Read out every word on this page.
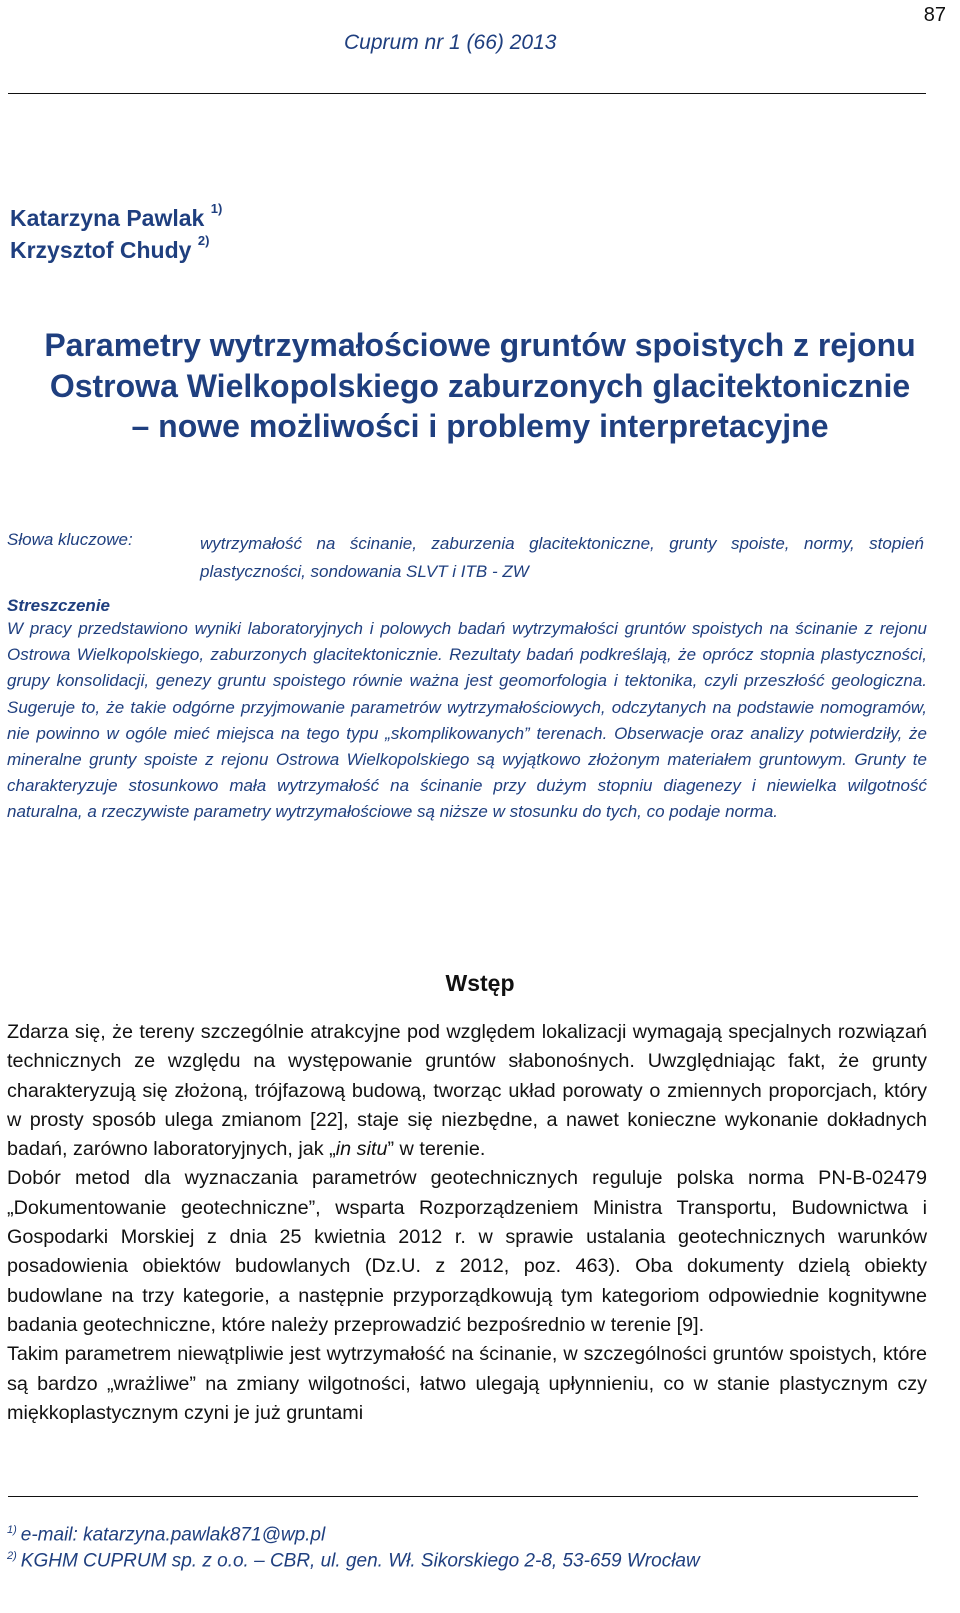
87
Cuprum nr 1 (66) 2013
Katarzyna Pawlak $^{1)}$
Krzysztof Chudy $^{2)}$
Parametry wytrzymałościowe gruntów spoistych z rejonu Ostrowa Wielkopolskiego zaburzonych glacitektonicznie – nowe możliwości i problemy interpretacyjne
Słowa kluczowe:	wytrzymałość na ścinanie, zaburzenia glacitektoniczne, grunty spoiste, normy, stopień plastyczności, sondowania SLVT i ITB - ZW
Streszczenie
W pracy przedstawiono wyniki laboratoryjnych i polowych badań wytrzymałości gruntów spoistych na ścinanie z rejonu Ostrowa Wielkopolskiego, zaburzonych glacitektonicznie. Rezultaty badań podkreślają, że oprócz stopnia plastyczności, grupy konsolidacji, genezy gruntu spoistego równie ważna jest geomorfologia i tektonika, czyli przeszłość geologiczna. Sugeruje to, że takie odgórne przyjmowanie parametrów wytrzymałościowych, odczytanych na podstawie nomogramów, nie powinno w ogóle mieć miejsca na tego typu „skomplikowanych” terenach. Obserwacje oraz analizy potwierdziły, że mineralne grunty spoiste z rejonu Ostrowa Wielkopolskiego są wyjątkowo złożonym materiałem gruntowym. Grunty te charakteryzuje stosunkowo mała wytrzymałość na ścinanie przy dużym stopniu diagenezy i niewielka wilgotność naturalna, a rzeczywiste parametry wytrzymałościowe są niższe w stosunku do tych, co podaje norma.
Wstęp

Zdarza się, że tereny szczególnie atrakcyjne pod względem lokalizacji wymagają specjalnych rozwiązań technicznych ze względu na występowanie gruntów słabonośnych. Uwzględniając fakt, że grunty charakteryzują się złożoną, trójfazową budową, tworząc układ porowaty o zmiennych proporcjach, który w prosty sposób ulega zmianom [22], staje się niezbędne, a nawet konieczne wykonanie dokładnych badań, zarówno laboratoryjnych, jak „in situ” w terenie.

Dobór metod dla wyznaczania parametrów geotechnicznych reguluje polska norma PN-B-02479 „Dokumentowanie geotechniczne”, wsparta Rozporządzeniem Ministra Transportu, Budownictwa i Gospodarki Morskiej z dnia 25 kwietnia 2012 r. w sprawie ustalania geotechnicznych warunków posadowienia obiektów budowlanych (Dz.U. z 2012, poz. 463). Oba dokumenty dzielą obiekty budowlane na trzy kategorie, a następnie przyporządkowują tym kategoriom odpowiednie kognitywne badania geotechniczne, które należy przeprowadzić bezpośrednio w terenie [9].

Takim parametrem niewątpliwie jest wytrzymałość na ścinanie, w szczególności gruntów spoistych, które są bardzo „wrażliwe” na zmiany wilgotności, łatwo ulegają upłynnieniu, co w stanie plastycznym czy miękkoplastycznym czyni je już gruntami

$^{1)}$ e-mail: katarzyna.pawlak871@wp.pl
$^{2)}$ KGHM CUPRUM sp. z o.o. – CBR, ul. gen. Wł. Sikorskiego 2-8, 53-659 Wrocław
